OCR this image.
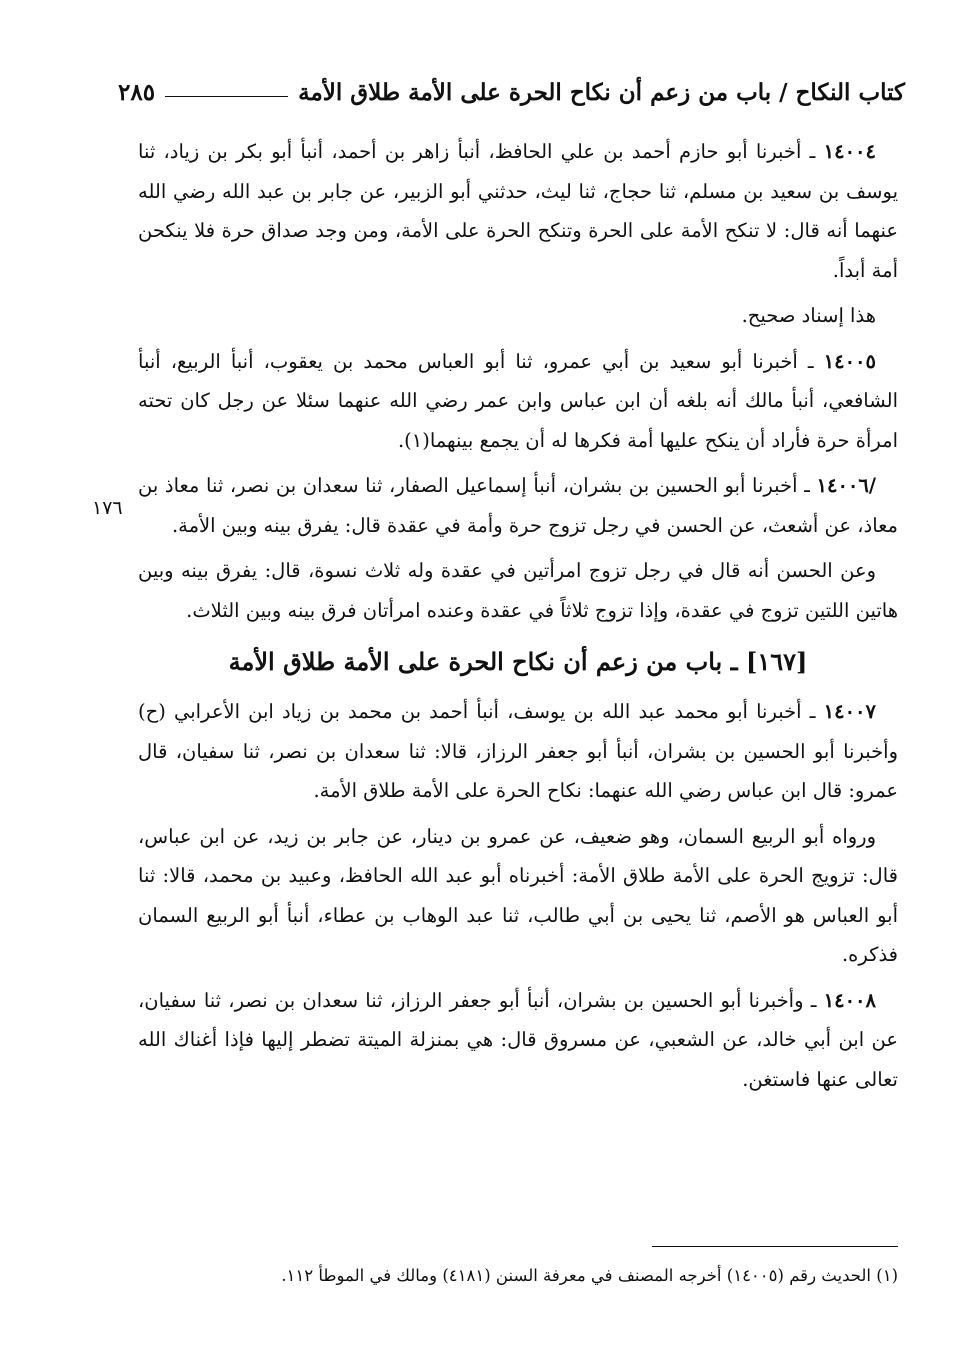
كتاب النكاح / باب من زعم أن نكاح الحرة على الأمة طلاق الأمة
٢٨٥
١٧٦

١٤٠٠٤ ـ أخبرنا أبو حازم أحمد بن علي الحافظ، أنبأ زاهر بن أحمد، أنبأ أبو بكر بن زياد، ثنا يوسف بن سعيد بن مسلم، ثنا حجاج، ثنا ليث، حدثني أبو الزبير، عن جابر بن عبد الله رضي الله عنهما أنه قال: لا تنكح الأمة على الحرة وتنكح الحرة على الأمة، ومن وجد صداق حرة فلا ينكحن أمة أبداً.

هذا إسناد صحيح.

١٤٠٠٥ ـ أخبرنا أبو سعيد بن أبي عمرو، ثنا أبو العباس محمد بن يعقوب، أنبأ الربيع، أنبأ الشافعي، أنبأ مالك أنه بلغه أن ابن عباس وابن عمر رضي الله عنهما سئلا عن رجل كان تحته امرأة حرة فأراد أن ينكح عليها أمة فكرها له أن يجمع بينهما(١).

/١٤٠٠٦ ـ أخبرنا أبو الحسين بن بشران، أنبأ إسماعيل الصفار، ثنا سعدان بن نصر، ثنا معاذ بن معاذ، عن أشعث، عن الحسن في رجل تزوج حرة وأمة في عقدة قال: يفرق بينه وبين الأمة.

وعن الحسن أنه قال في رجل تزوج امرأتين في عقدة وله ثلاث نسوة، قال: يفرق بينه وبين هاتين اللتين تزوج في عقدة، وإذا تزوج ثلاثاً في عقدة وعنده امرأتان فرق بينه وبين الثلاث.

[١٦٧] ـ باب من زعم أن نكاح الحرة على الأمة طلاق الأمة

١٤٠٠٧ ـ أخبرنا أبو محمد عبد الله بن يوسف، أنبأ أحمد بن محمد بن زياد ابن الأعرابي (ح) وأخبرنا أبو الحسين بن بشران، أنبأ أبو جعفر الرزاز، قالا: ثنا سعدان بن نصر، ثنا سفيان، قال عمرو: قال ابن عباس رضي الله عنهما: نكاح الحرة على الأمة طلاق الأمة.

ورواه أبو الربيع السمان، وهو ضعيف، عن عمرو بن دينار، عن جابر بن زيد، عن ابن عباس، قال: تزويج الحرة على الأمة طلاق الأمة: أخبرناه أبو عبد الله الحافظ، وعبيد بن محمد، قالا: ثنا أبو العباس هو الأصم، ثنا يحيى بن أبي طالب، ثنا عبد الوهاب بن عطاء، أنبأ أبو الربيع السمان فذكره.

١٤٠٠٨ ـ وأخبرنا أبو الحسين بن بشران، أنبأ أبو جعفر الرزاز، ثنا سعدان بن نصر، ثنا سفيان، عن ابن أبي خالد، عن الشعبي، عن مسروق قال: هي بمنزلة الميتة تضطر إليها فإذا أغناك الله تعالى عنها فاستغن.

(١) الحديث رقم (١٤٠٠٥) أخرجه المصنف في معرفة السنن (٤١٨١) ومالك في الموطأ ١١٢.
